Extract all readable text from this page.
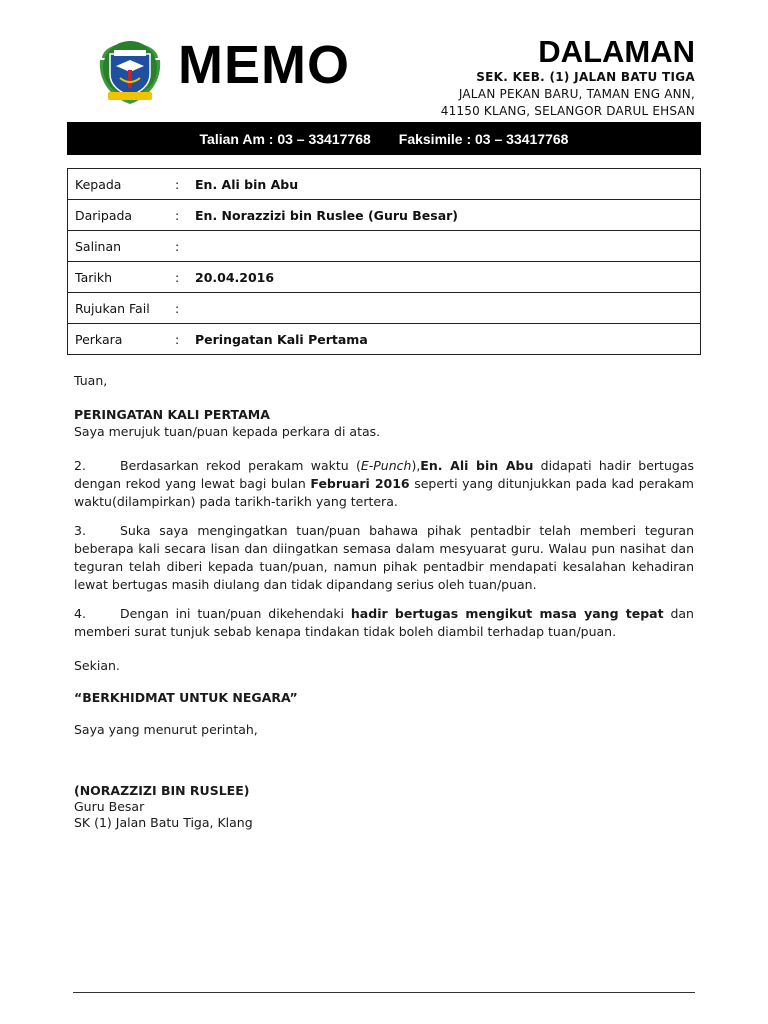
MEMO	DALAMAN
SEK. KEB. (1) JALAN BATU TIGA
JALAN PEKAN BARU, TAMAN ENG ANN,
41150 KLANG, SELANGOR DARUL EHSAN
Talian Am : 03 – 33417768 Faksimile : 03 – 33417768
Kepada	:	En. Ali bin Abu
Daripada	:	En. Norazzizi bin Ruslee (Guru Besar)
Salinan	:	
Tarikh	:	20.04.2016
Rujukan Fail	:	
Perkara	:	Peringatan Kali Pertama

Tuan,

PERINGATAN KALI PERTAMA

Saya merujuk tuan/puan kepada perkara di atas.

2.	Berdasarkan rekod perakam waktu (E-Punch),En. Ali bin Abu didapati hadir bertugas dengan rekod yang lewat bagi bulan Februari 2016 seperti yang ditunjukkan pada kad perakam waktu(dilampirkan) pada tarikh-tarikh yang tertera.

3.	Suka saya mengingatkan tuan/puan bahawa pihak pentadbir telah memberi teguran beberapa kali secara lisan dan diingatkan semasa dalam mesyuarat guru. Walau pun nasihat dan teguran telah diberi kepada tuan/puan, namun pihak pentadbir mendapati kesalahan kehadiran lewat bertugas masih diulang dan tidak dipandang serius oleh tuan/puan.

4.	Dengan ini tuan/puan dikehendaki hadir bertugas mengikut masa yang tepat dan memberi surat tunjuk sebab kenapa tindakan tidak boleh diambil terhadap tuan/puan.

Sekian.

“BERKHIDMAT UNTUK NEGARA”

Saya yang menurut perintah,

(NORAZZIZI BIN RUSLEE)

Guru Besar

SK (1) Jalan Batu Tiga, Klang
